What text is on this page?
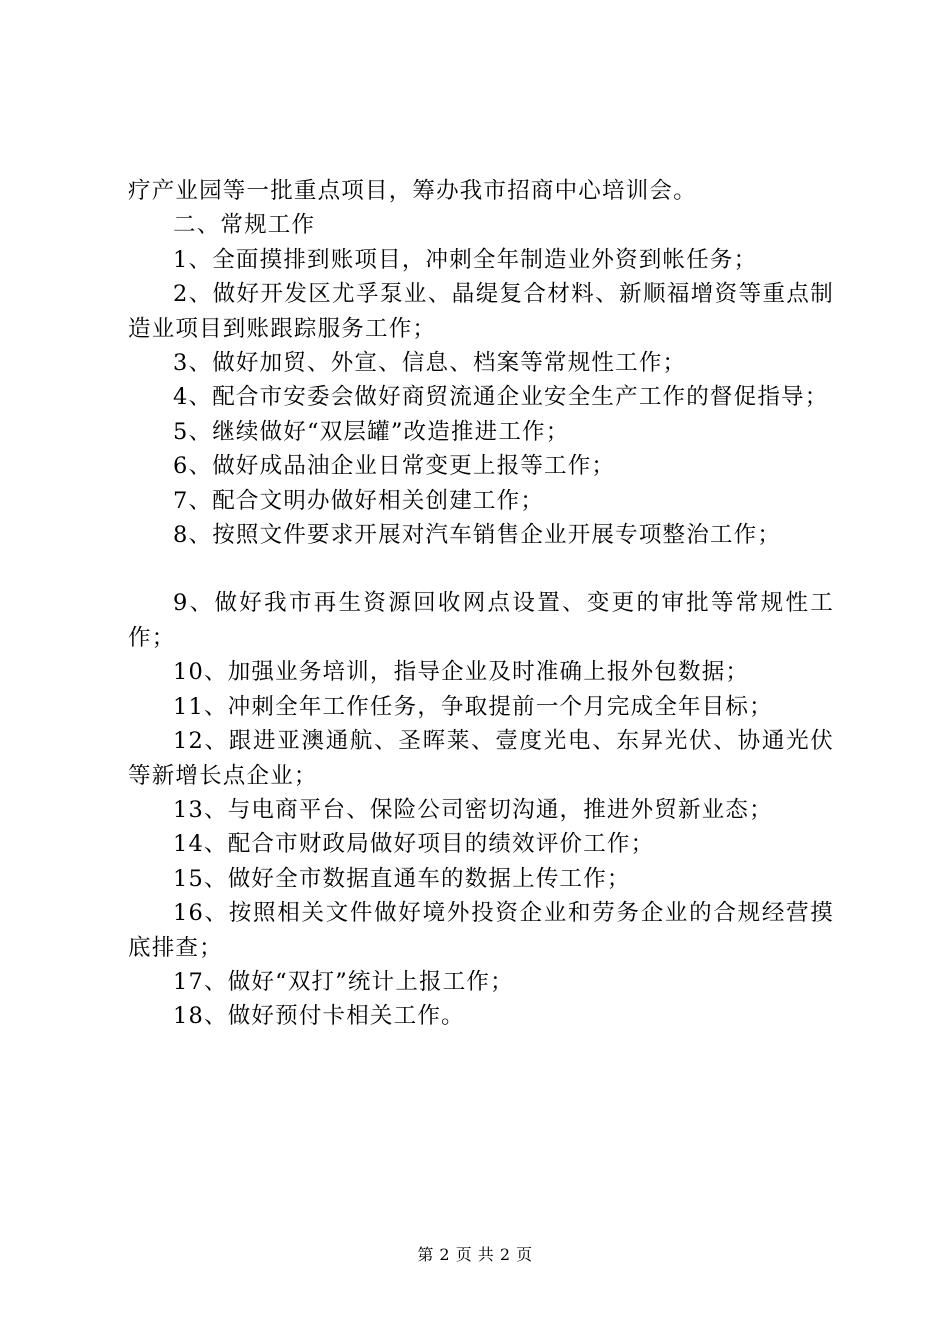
疗产业园等一批重点项目，筹办我市招商中心培训会。

二、常规工作

1、全面摸排到账项目，冲刺全年制造业外资到帐任务；

2、做好开发区尤孚泵业、晶缇复合材料、新顺福增资等重点制造业项目到账跟踪服务工作；

3、做好加贸、外宣、信息、档案等常规性工作；

4、配合市安委会做好商贸流通企业安全生产工作的督促指导；

5、继续做好“双层罐”改造推进工作；

6、做好成品油企业日常变更上报等工作；

7、配合文明办做好相关创建工作；

8、按照文件要求开展对汽车销售企业开展专项整治工作；

9、做好我市再生资源回收网点设置、变更的审批等常规性工作；

10、加强业务培训，指导企业及时准确上报外包数据；

11、冲刺全年工作任务，争取提前一个月完成全年目标；

12、跟进亚澳通航、圣晖莱、壹度光电、东昇光伏、协通光伏等新增长点企业；

13、与电商平台、保险公司密切沟通，推进外贸新业态；

14、配合市财政局做好项目的绩效评价工作；

15、做好全市数据直通车的数据上传工作；

16、按照相关文件做好境外投资企业和劳务企业的合规经营摸底排查；

17、做好“双打”统计上报工作；

18、做好预付卡相关工作。

第 2 页 共 2 页
